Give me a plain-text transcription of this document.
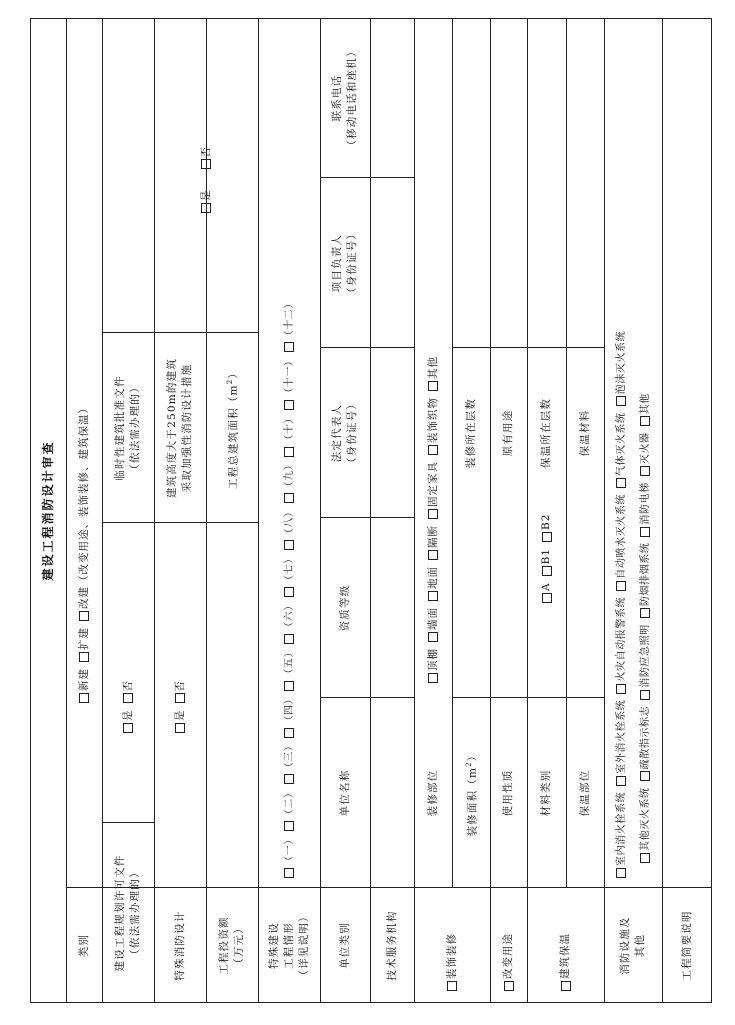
建设工程消防设计审查
类别
新建
扩建
改建（改变用途、装饰装修、建筑保温）
建设工程规划许可文件 （依法需办理的）
是
否
临时性建筑批准文件 （依法需办理的）
特殊消防设计
是
否
建筑高度大于250m的建筑 采取加强性消防设计措施
是
否
工程投资额 （万元）
工程总建筑面积$(m^2)$
特殊建设 工程情形 （详见说明）
（一）
（二）
（三）
（四）
（五）
（六）
（七）
（八）
（九）
（十）
（十一）
（十二）
单位类别
单位名称
资质等级
法定代表人 （身份证号）
项目负责人 （身份证号）
联系电话 （移动电话和座机）
技术服务机构	装饰装修
装修部位
顶棚
墙面
地面
隔断
固定家具
装饰织物
其他
装修面积$(m^2)$
装修所在层数
改变用途
使用性质
原有用途
建筑保温
材料类别
A
B1
B2
保温所在层数
保温部位
保温材料
消防设施及 其他
室内消火栓系统
室外消火栓系统
火灾自动报警系统
自动喷水灭火系统
气体灭火系统
泡沫灭火系统
其他灭火系统
疏散指示标志
消防应急照明
防烟排烟系统
消防电梯
灭火器
其他
工程简要说明
